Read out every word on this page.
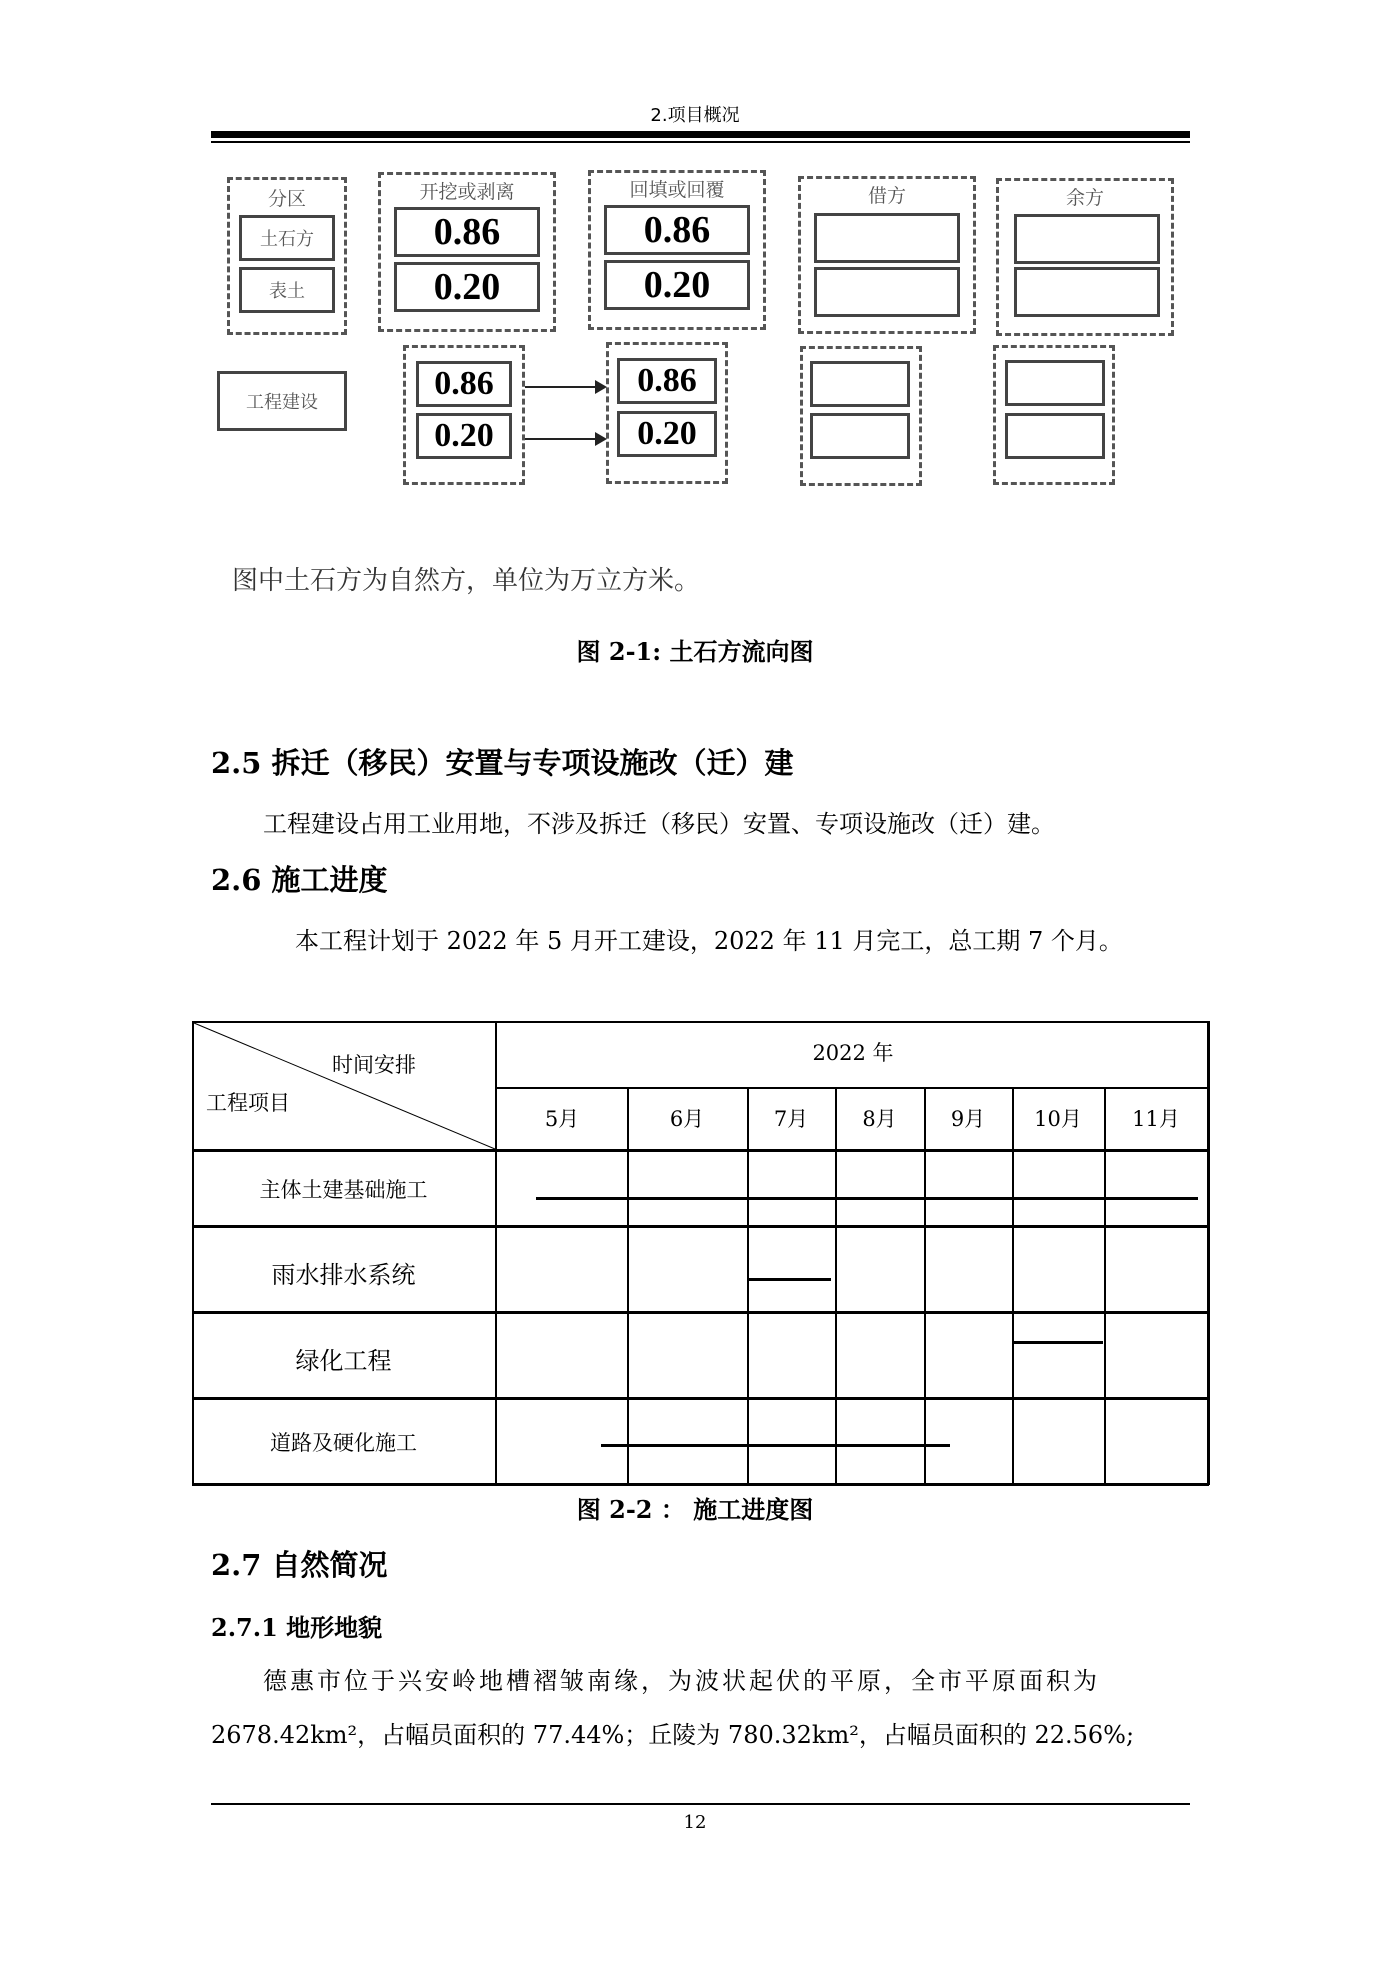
2.项目概况
分区
土石方
表土
开挖或剥离
0.86
0.20
回填或回覆
0.86
0.20
借方	余方
工程建设
0.86
0.20
0.86
0.20
图中土石方为自然方，单位为万立方米。
图 2-1: 土石方流向图
2.5 拆迁（移民）安置与专项设施改（迁）建
工程建设占用工业用地，不涉及拆迁（移民）安置、专项设施改（迁）建。
2.6 施工进度
本工程计划于 2022 年 5 月开工建设，2022 年 11 月完工，总工期 7 个月。
时间安排
工程项目
2022 年
5月	6月	7月	8月	9月	10月	11月
主体土建基础施工
雨水排水系统
绿化工程
道路及硬化施工
图 2-2 ： 施工进度图
2.7 自然简况
2.7.1 地形地貌
德惠市位于兴安岭地槽褶皱南缘，为波状起伏的平原，全市平原面积为
2678.42km²，占幅员面积的 77.44%；丘陵为 780.32km²，占幅员面积的 22.56%;
12
